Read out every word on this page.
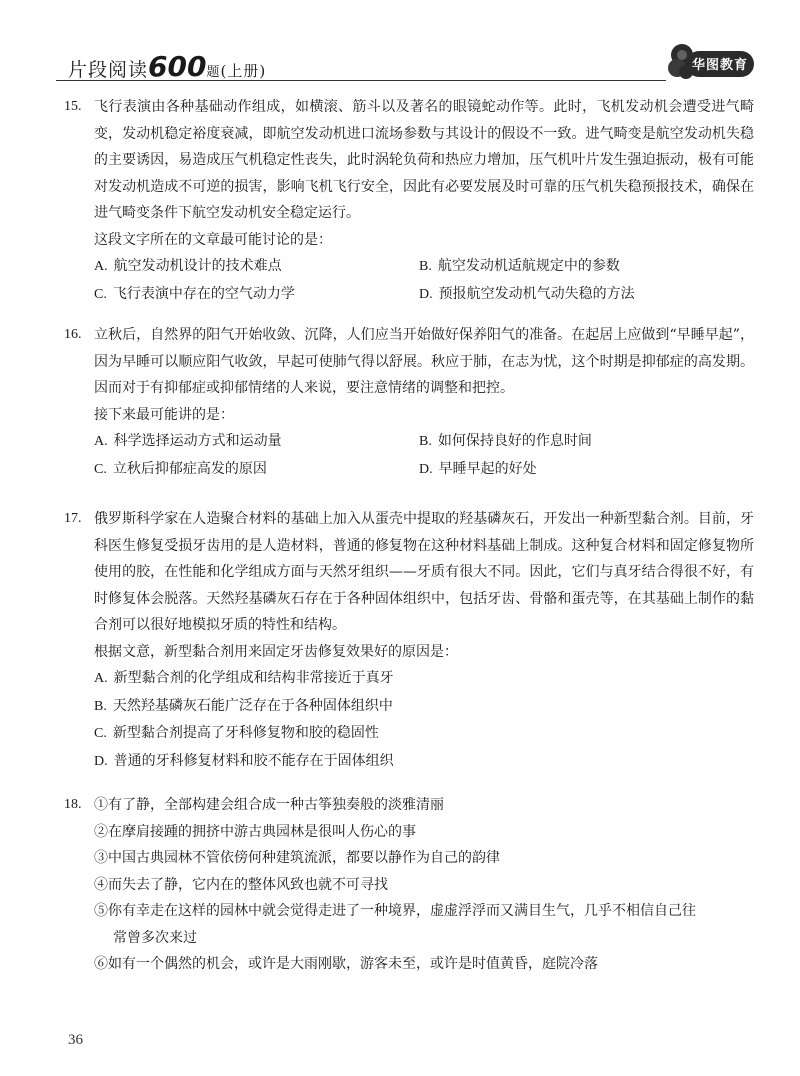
片段阅读600题(上册)	华图教育
15. 飞行表演由各种基础动作组成，如横滚、筋斗以及著名的眼镜蛇动作等。此时，飞机发动机会遭受进气畸变，发动机稳定裕度衰减，即航空发动机进口流场参数与其设计的假设不一致。进气畸变是航空发动机失稳的主要诱因，易造成压气机稳定性丧失，此时涡轮负荷和热应力增加，压气机叶片发生强迫振动，极有可能对发动机造成不可逆的损害，影响飞机飞行安全，因此有必要发展及时可靠的压气机失稳预报技术，确保在进气畸变条件下航空发动机安全稳定运行。
这段文字所在的文章最可能讨论的是：
A. 航空发动机设计的技术难点	B. 航空发动机适航规定中的参数
C. 飞行表演中存在的空气动力学	D. 预报航空发动机气动失稳的方法
16. 立秋后，自然界的阳气开始收敛、沉降，人们应当开始做好保养阳气的准备。在起居上应做到“早睡早起”，因为早睡可以顺应阳气收敛，早起可使肺气得以舒展。秋应于肺，在志为忧，这个时期是抑郁症的高发期。因而对于有抑郁症或抑郁情绪的人来说，要注意情绪的调整和把控。
接下来最可能讲的是：
A. 科学选择运动方式和运动量	B. 如何保持良好的作息时间
C. 立秋后抑郁症高发的原因	D. 早睡早起的好处
17. 俄罗斯科学家在人造聚合材料的基础上加入从蛋壳中提取的羟基磷灰石，开发出一种新型黏合剂。目前，牙科医生修复受损牙齿用的是人造材料，普通的修复物在这种材料基础上制成。这种复合材料和固定修复物所使用的胶，在性能和化学组成方面与天然牙组织——牙质有很大不同。因此，它们与真牙结合得很不好，有时修复体会脱落。天然羟基磷灰石存在于各种固体组织中，包括牙齿、骨骼和蛋壳等，在其基础上制作的黏合剂可以很好地模拟牙质的特性和结构。
根据文意，新型黏合剂用来固定牙齿修复效果好的原因是：
A. 新型黏合剂的化学组成和结构非常接近于真牙
B. 天然羟基磷灰石能广泛存在于各种固体组织中
C. 新型黏合剂提高了牙科修复物和胶的稳固性
D. 普通的牙科修复材料和胶不能存在于固体组织
18. ①有了静，全部构建会组合成一种古筝独奏般的淡雅清丽
②在摩肩接踵的拥挤中游古典园林是很叫人伤心的事
③中国古典园林不管依傍何种建筑流派，都要以静作为自己的韵律
④而失去了静，它内在的整体风致也就不可寻找
⑤你有幸走在这样的园林中就会觉得走进了一种境界，虚虚浮浮而又满目生气，几乎不相信自己往
常曾多次来过
⑥如有一个偶然的机会，或许是大雨刚歇，游客未至，或许是时值黄昏，庭院冷落
36
